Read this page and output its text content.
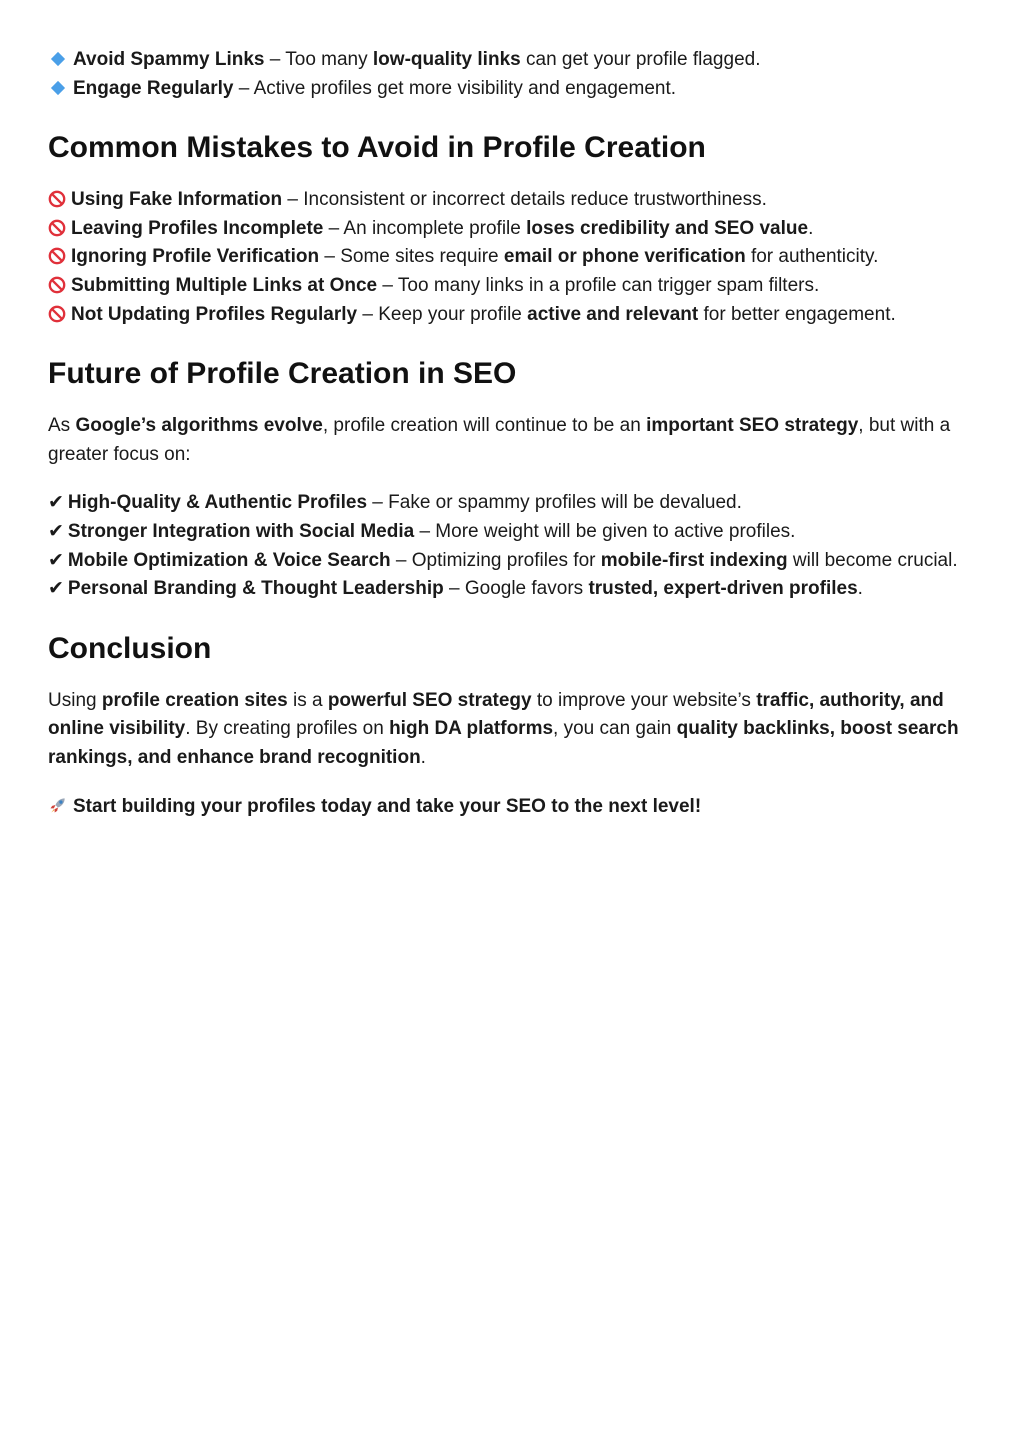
Avoid Spammy Links – Too many low-quality links can get your profile flagged.

Engage Regularly – Active profiles get more visibility and engagement.

Common Mistakes to Avoid in Profile Creation

Using Fake Information – Inconsistent or incorrect details reduce trustworthiness.

Leaving Profiles Incomplete – An incomplete profile loses credibility and SEO value.

Ignoring Profile Verification – Some sites require email or phone verification for authenticity.

Submitting Multiple Links at Once – Too many links in a profile can trigger spam filters.

Not Updating Profiles Regularly – Keep your profile active and relevant for better engagement.

Future of Profile Creation in SEO

As Google’s algorithms evolve, profile creation will continue to be an important SEO strategy, but with a greater focus on:

✔ High-Quality & Authentic Profiles – Fake or spammy profiles will be devalued.

✔ Stronger Integration with Social Media – More weight will be given to active profiles.

✔ Mobile Optimization & Voice Search – Optimizing profiles for mobile-first indexing will become crucial.

✔ Personal Branding & Thought Leadership – Google favors trusted, expert-driven profiles.

Conclusion

Using profile creation sites is a powerful SEO strategy to improve your website’s traffic, authority, and online visibility. By creating profiles on high DA platforms, you can gain quality backlinks, boost search rankings, and enhance brand recognition.

Start building your profiles today and take your SEO to the next level!
